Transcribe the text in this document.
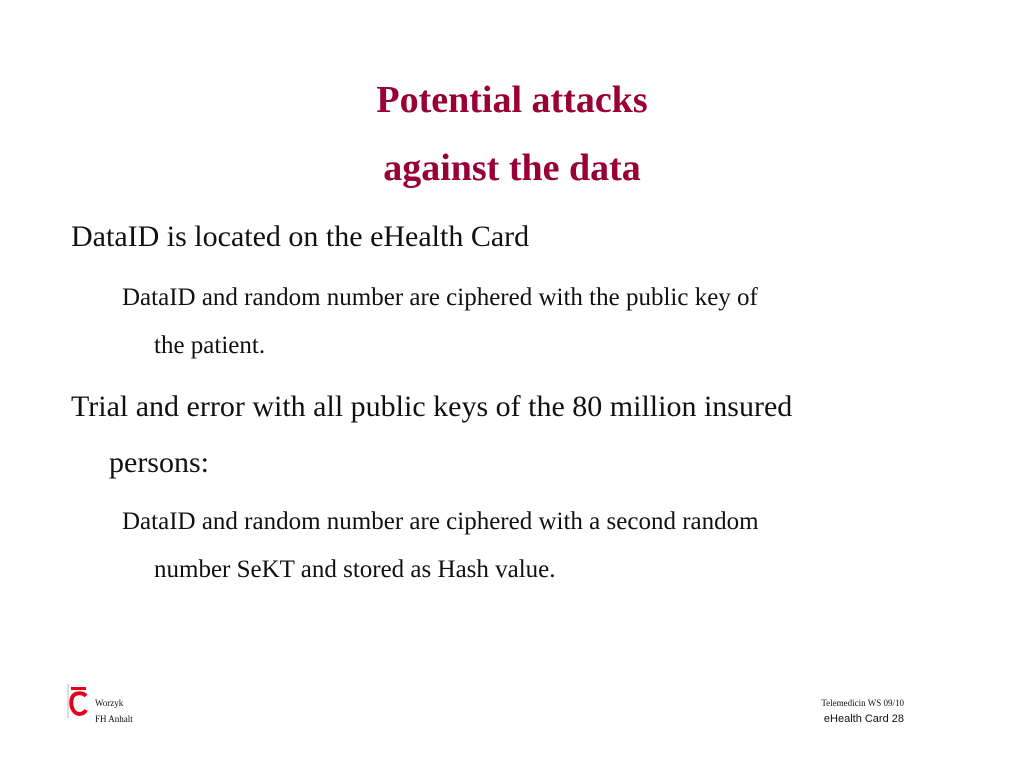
Potential attacks
against the data
DataID is located on the eHealth Card
DataID and random number are ciphered with the public key of
the patient.
Trial and error with all public keys of the 80 million insured
persons:
DataID and random number are ciphered with a second random
number SeKT and stored as Hash value.
Worzyk
FH Anhalt
Telemedicin WS 09/10
eHealth Card 28
